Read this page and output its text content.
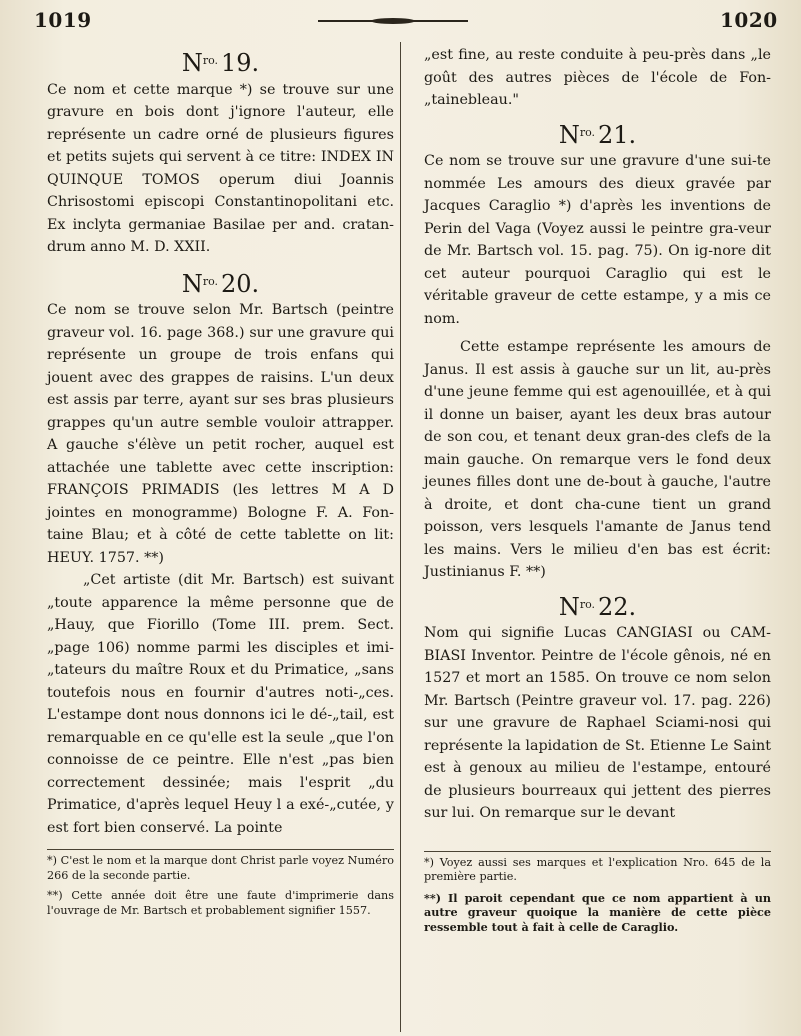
1019	1020
$N^{ro.}$ 19.

Ce nom et cette marque *) se trouve sur une gravure en bois dont j'ignore l'auteur, elle représente un cadre orné de plusieurs figures et petits sujets qui servent à ce titre: INDEX IN QUINQUE TOMOS operum diui Joannis Chrisostomi episcopi Constantinopolitani etc. Ex inclyta germaniae Basilae per and. cratan-drum anno M. D. XXII.

$N^{ro.}$ 20.

Ce nom se trouve selon Mr. Bartsch (peintre graveur vol. 16. page 368.) sur une gravure qui représente un groupe de trois enfans qui jouent avec des grappes de raisins. L'un deux est assis par terre, ayant sur ses bras plusieurs grappes qu'un autre semble vouloir attrapper. A gauche s'élève un petit rocher, auquel est attachée une tablette avec cette inscription: FRANÇOIS PRIMADIS (les lettres M A D jointes en monogramme) Bologne F. A. Fon-taine Blau; et à côté de cette tablette on lit: HEUY. 1757. **)

„Cet artiste (dit Mr. Bartsch) est suivant „toute apparence la même personne que de „Hauy, que Fiorillo (Tome III. prem. Sect. „page 106) nomme parmi les disciples et imi-„tateurs du maître Roux et du Primatice, „sans toutefois nous en fournir d'autres noti-„ces. L'estampe dont nous donnons ici le dé-„tail, est remarquable en ce qu'elle est la seule „que l'on connoisse de ce peintre. Elle n'est „pas bien correctement dessinée; mais l'esprit „du Primatice, d'après lequel Heuy l a exé-„cutée, y est fort bien conservé. La pointe

*) C'est le nom et la marque dont Christ parle voyez Numéro 266 de la seconde partie.

**) Cette année doit être une faute d'imprimerie dans l'ouvrage de Mr. Bartsch et probablement signifier 1557.

„est fine, au reste conduite à peu-près dans „le goût des autres pièces de l'école de Fon-„tainebleau."

$N^{ro.}$ 21.

Ce nom se trouve sur une gravure d'une sui-te nommée Les amours des dieux gravée par Jacques Caraglio *) d'après les inventions de Perin del Vaga (Voyez aussi le peintre gra-veur de Mr. Bartsch vol. 15. pag. 75). On ig-nore dit cet auteur pourquoi Caraglio qui est le véritable graveur de cette estampe, y a mis ce nom.

Cette estampe représente les amours de Janus. Il est assis à gauche sur un lit, au-près d'une jeune femme qui est agenouillée, et à qui il donne un baiser, ayant les deux bras autour de son cou, et tenant deux gran-des clefs de la main gauche. On remarque vers le fond deux jeunes filles dont une de-bout à gauche, l'autre à droite, et dont cha-cune tient un grand poisson, vers lesquels l'amante de Janus tend les mains. Vers le milieu d'en bas est écrit: Justinianus F. **)

$N^{ro.}$ 22.

Nom qui signifie Lucas CANGIASI ou CAM-BIASI Inventor. Peintre de l'école gênois, né en 1527 et mort an 1585. On trouve ce nom selon Mr. Bartsch (Peintre graveur vol. 17. pag. 226) sur une gravure de Raphael Sciami-nosi qui représente la lapidation de St. Etienne Le Saint est à genoux au milieu de l'estampe, entouré de plusieurs bourreaux qui jettent des pierres sur lui. On remarque sur le devant

*) Voyez aussi ses marques et l'explication Nro. 645 de la première partie.

**) Il paroit cependant que ce nom appartient à un autre graveur quoique la manière de cette pièce ressemble tout à fait à celle de Caraglio.
